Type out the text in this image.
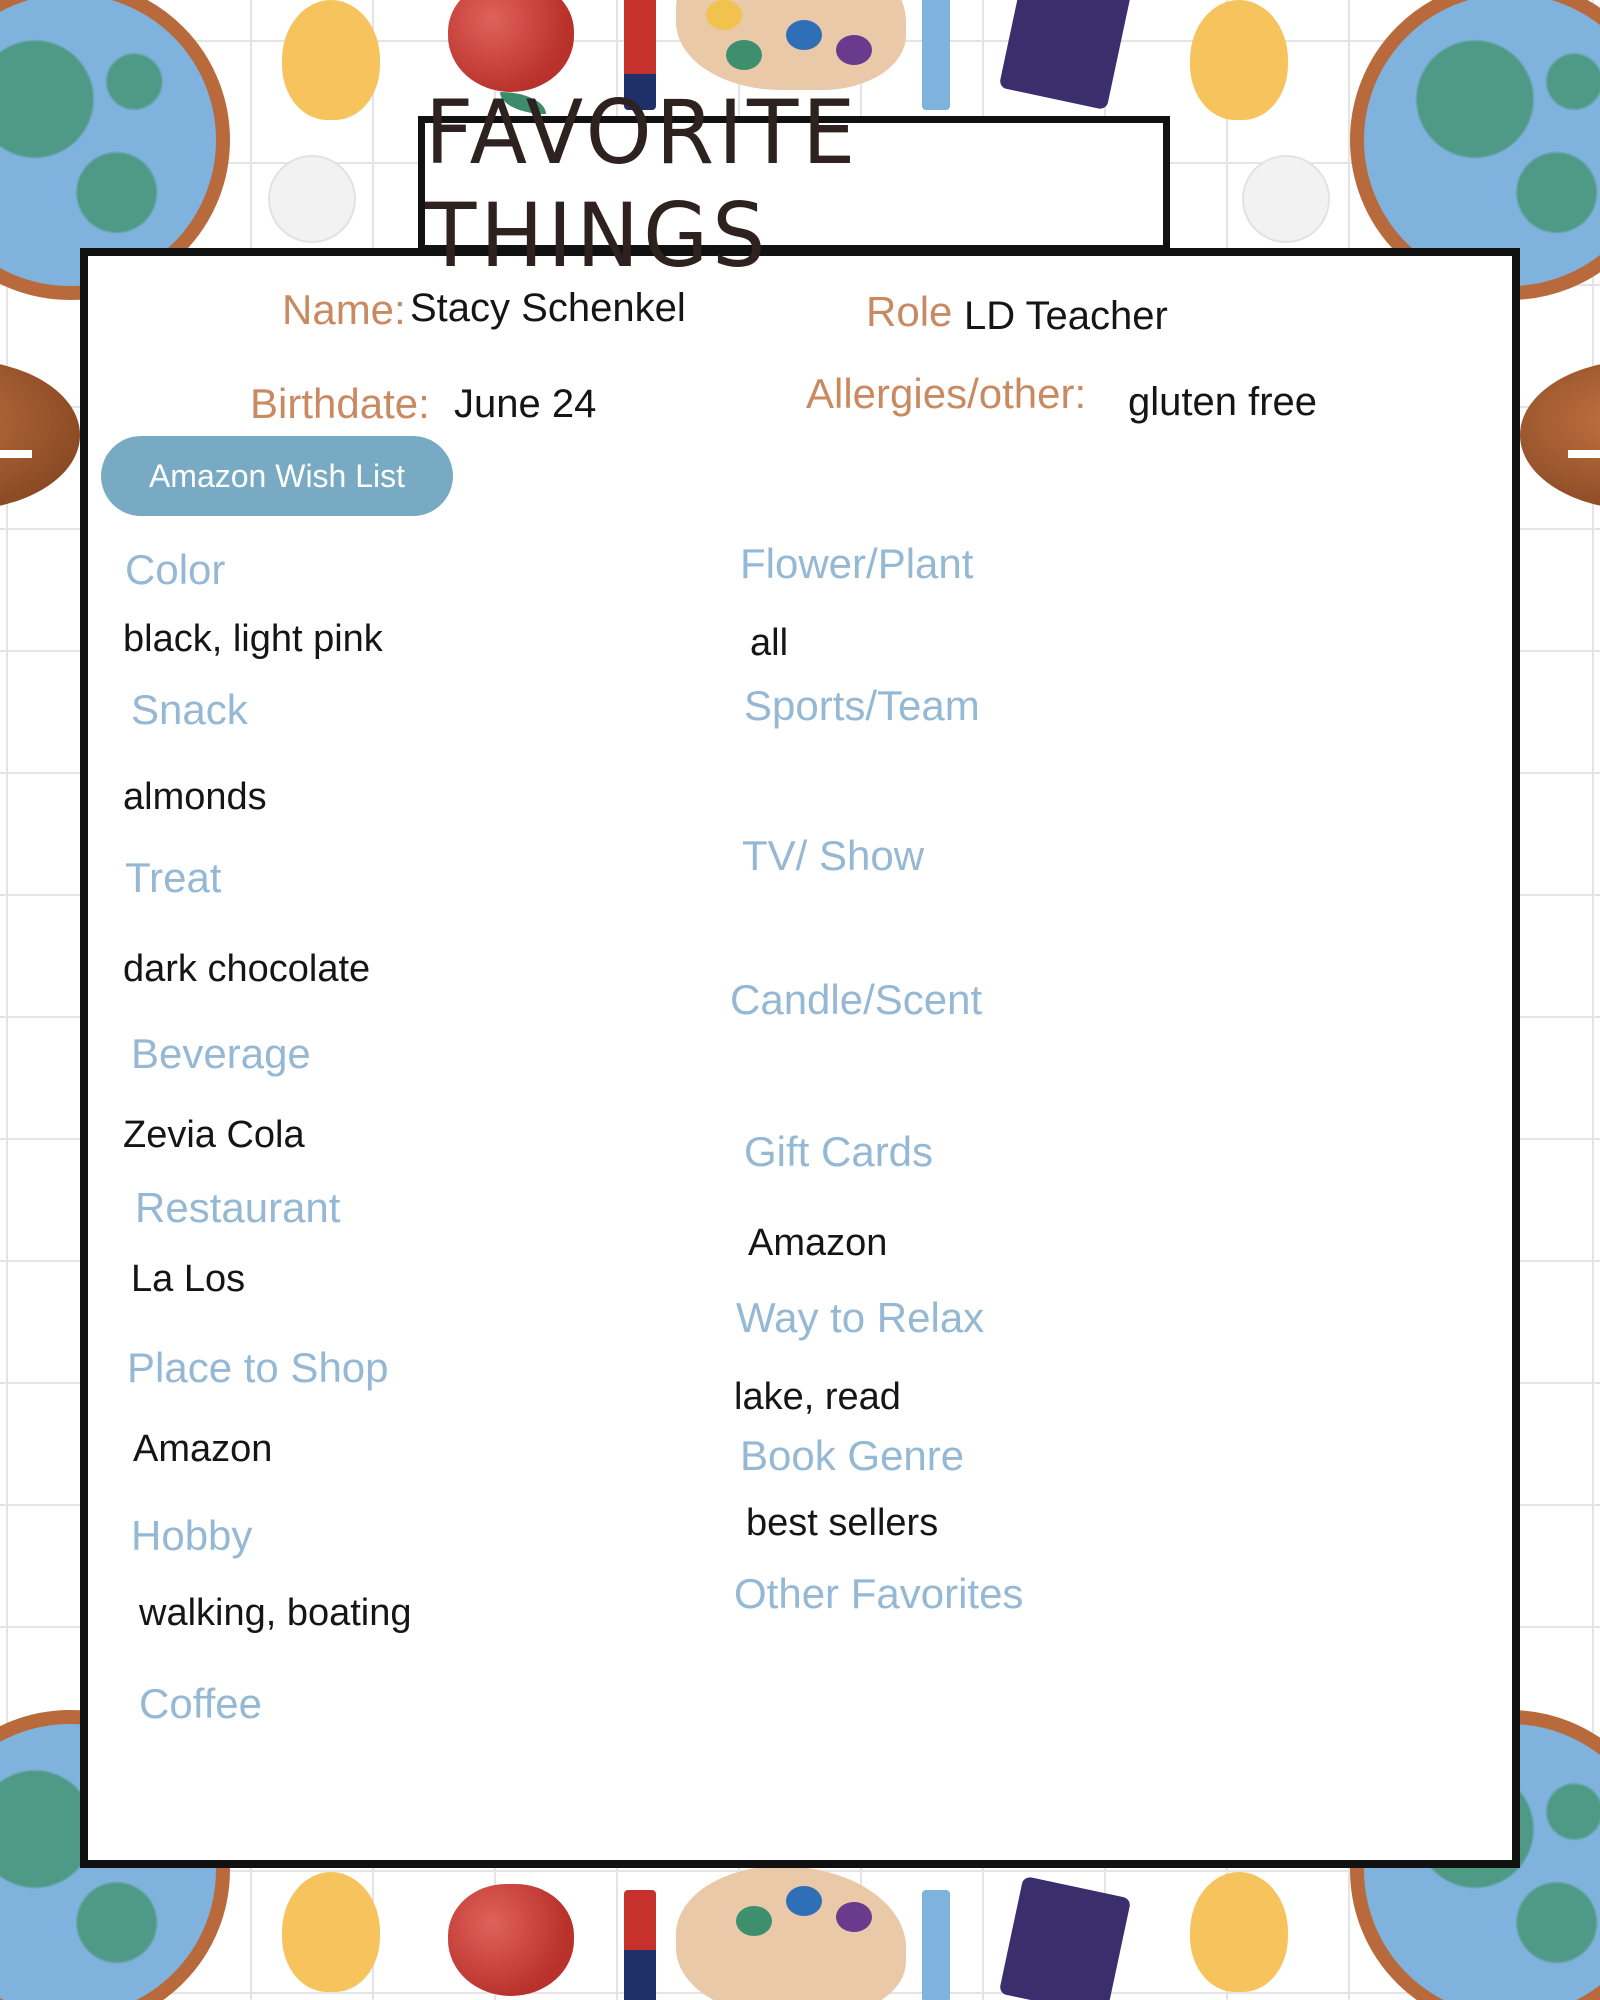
FAVORITE THINGS
Name: Stacy Schenkel	Role LD Teacher
Birthdate: June 24	Allergies/other: gluten free
Amazon Wish List
Color
black, light pink
Snack
almonds
Treat
dark chocolate
Beverage
Zevia Cola
Restaurant
La Los
Place to Shop
Amazon
Hobby
walking, boating
Coffee
Flower/Plant
all
Sports/Team
TV/ Show
Candle/Scent
Gift Cards
Amazon
Way to Relax
lake, read
Book Genre
best sellers
Other Favorites
